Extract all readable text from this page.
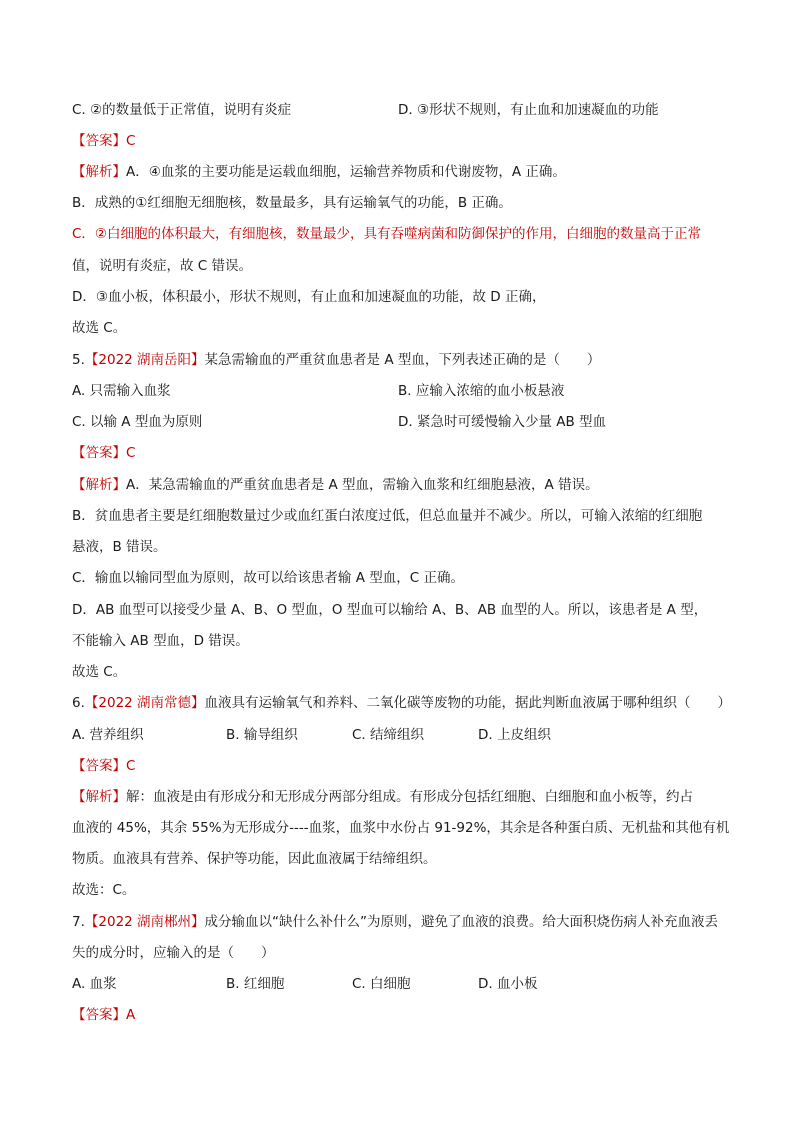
C. ②的数量低于正常值，说明有炎症	D. ③形状不规则，有止血和加速凝血的功能
【答案】C
【解析】A．④血浆的主要功能是运载血细胞，运输营养物质和代谢废物，A 正确。
B．成熟的①红细胞无细胞核，数量最多，具有运输氧气的功能，B 正确。
C．②白细胞的体积最大，有细胞核，数量最少，具有吞噬病菌和防御保护的作用，白细胞的数量高于正常
值，说明有炎症，故 C 错误。
D．③血小板，体积最小，形状不规则，有止血和加速凝血的功能，故 D 正确，
故选 C。
5.【2022 湖南岳阳】某急需输血的严重贫血患者是 A 型血，下列表述正确的是（　　）
A. 只需输入血浆	B. 应输入浓缩的血小板悬液
C. 以输 A 型血为原则	D. 紧急时可缓慢输入少量 AB 型血
【答案】C
【解析】A．某急需输血的严重贫血患者是 A 型血，需输入血浆和红细胞悬液，A 错误。
B．贫血患者主要是红细胞数量过少或血红蛋白浓度过低，但总血量并不减少。所以，可输入浓缩的红细胞
悬液，B 错误。
C．输血以输同型血为原则，故可以给该患者输 A 型血，C 正确。
D．AB 血型可以接受少量 A、B、O 型血，O 型血可以输给 A、B、AB 血型的人。所以，该患者是 A 型，
不能输入 AB 型血，D 错误。
故选 C。
6.【2022 湖南常德】血液具有运输氧气和养料、二氧化碳等废物的功能，据此判断血液属于哪种组织（　　）
A. 营养组织	B. 输导组织	C. 结缔组织	D. 上皮组织
【答案】C
【解析】解：血液是由有形成分和无形成分两部分组成。有形成分包括红细胞、白细胞和血小板等，约占
血液的 45%，其余 55%为无形成分----血浆，血浆中水份占 91-92%，其余是各种蛋白质、无机盐和其他有机
物质。血液具有营养、保护等功能，因此血液属于结缔组织。
故选：C。
7.【2022 湖南郴州】成分输血以“缺什么补什么”为原则，避免了血液的浪费。给大面积烧伤病人补充血液丢
失的成分时，应输入的是（　　）
A. 血浆	B. 红细胞	C. 白细胞	D. 血小板
【答案】A
